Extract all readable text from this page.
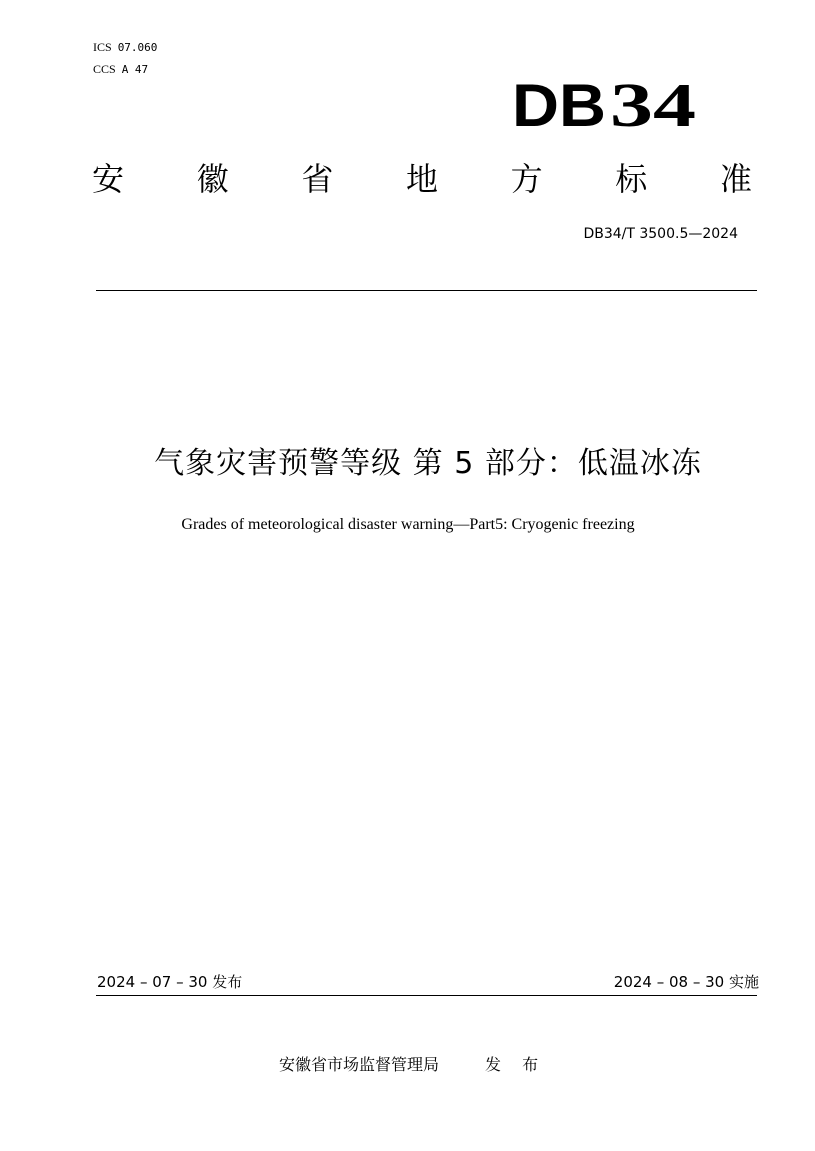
ICS 07.060
CCS A 47
DB 34
安 徽 省 地 方 标 准
DB34/T 3500.5—2024
气象灾害预警等级 第 5 部分：低温冰冻
Grades of meteorological disaster warning—Part5: Cryogenic freezing
2024 – 07 – 30 发布	2024 – 08 – 30 实施
安徽省市场监督管理局	发 布
